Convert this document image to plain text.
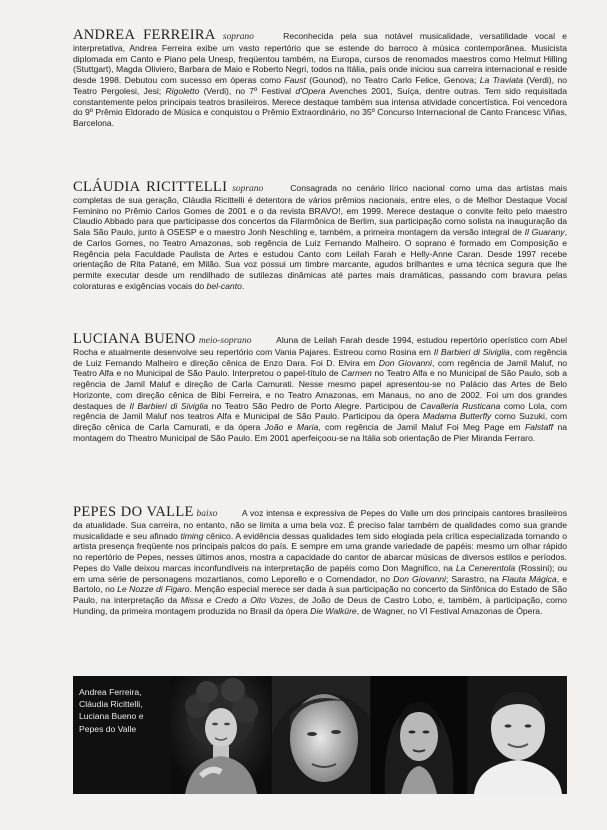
ANDREA FERREIRA soprano	Reconhecida pela sua notável musicalidade, versatilidade vocal e interpretativa, Andrea Ferreira exibe um vasto repertório que se estende do barroco à música contemporânea. Musicista diplomada em Canto e Piano pela Unesp, freqüentou também, na Europa, cursos de renomados maestros como Helmut Hilling (Stuttgart), Magda Oliviero, Barbara de Maio e Roberto Negri, todos na Itália, país onde iniciou sua carreira internacional e reside desde 1998. Debutou com sucesso em óperas como Faust (Gounod), no Teatro Carlo Felice, Genova; La Traviata (Verdi), no Teatro Pergolesi, Jesi; Rigoletto (Verdi), no 7º Festival d'Opera Avenches 2001, Suíça, dentre outras. Tem sido requisitada constantemente pelos principais teatros brasileiros. Merece destaque também sua intensa atividade concertística. Foi vencedora do 9º Prêmio Eldorado de Música e conquistou o Prêmio Extraordinário, no 35º Concurso Internacional de Canto Francesc Viñas, Barcelona.
CLÁUDIA RICITTELLI soprano	Consagrada no cenário lírico nacional como uma das artistas mais completas de sua geração, Cláudia Ricittelli é detentora de vários prêmios nacionais, entre eles, o de Melhor Destaque Vocal Feminino no Prêmio Carlos Gomes de 2001 e o da revista BRAVO!, em 1999. Merece destaque o convite feito pelo maestro Claudio Abbado para que participasse dos concertos da Filarmônica de Berlim, sua participação como solista na inauguração da Sala São Paulo, junto à OSESP e o maestro Jonh Neschling e, também, a primeira montagem da versão integral de Il Guarany, de Carlos Gomes, no Teatro Amazonas, sob regência de Luiz Fernando Malheiro. O soprano é formado em Composição e Regência pela Faculdade Paulista de Artes e estudou Canto com Leilah Farah e Helly-Anne Caran. Desde 1997 recebe orientação de Rita Patané, em Milão. Sua voz possui um timbre marcante, agudos brilhantes e uma técnica segura que lhe permite executar desde um rendilhado de sutilezas dinâmicas até partes mais dramáticas, passando com bravura pelas coloraturas e exigências vocais do bel-canto.
LUCIANA BUENO meio-soprano	Aluna de Leilah Farah desde 1994, estudou repertório operístico com Abel Rocha e atualmente desenvolve seu repertório com Vania Pajares. Estreou como Rosina em Il Barbieri di Siviglia, com regência de Luiz Fernando Malheiro e direção cênica de Enzo Dara. Foi D. Elvira em Don Giovanni, com regência de Jamil Maluf, no Teatro Alfa e no Municipal de São Paulo. Interpretou o papel-título de Carmen no Teatro Alfa e no Municipal de São Paulo, sob a regência de Jamil Maluf e direção de Carla Camurati. Nesse mesmo papel apresentou-se no Palácio das Artes de Belo Horizonte, com direção cênica de Bibi Ferreira, e no Teatro Amazonas, em Manaus, no ano de 2002. Foi um dos grandes destaques de Il Barbieri di Siviglia no Teatro São Pedro de Porto Alegre. Participou de Cavalleria Rusticana como Lola, com regência de Jamil Maluf nos teatros Alfa e Municipal de São Paulo. Participou da ópera Madama Butterfly como Suzuki, com direção cênica de Carla Camurati, e da ópera João e Maria, com regência de Jamil Maluf Foi Meg Page em Falstaff na montagem do Theatro Municipal de São Paulo. Em 2001 aperfeiçoou-se na Itália sob orientação de Pier Miranda Ferraro.
PEPES DO VALLE baixo	A voz intensa e expressiva de Pepes do Valle um dos principais cantores brasileiros da atualidade. Sua carreira, no entanto, não se limita a uma bela voz. É preciso falar também de qualidades como sua grande musicalidade e seu afinado timing cênico. A evidência dessas qualidades tem sido elogiada pela crítica especializada tornando o artista presença freqüente nos principais palcos do país. E sempre em uma grande variedade de papéis: mesmo um olhar rápido no repertório de Pepes, nesses últimos anos, mostra a capacidade do cantor de abarcar músicas de diversos estilos e períodos. Pepes do Valle deixou marcas inconfundíveis na interpretação de papéis como Don Magnifico, na La Cenerentola (Rossini); ou em uma série de personagens mozartianos, como Leporello e o Comendador, no Don Giovanni; Sarastro, na Flauta Mágica, e Bartolo, no Le Nozze di Figaro. Menção especial merece ser dada à sua participação no concerto da Sinfônica do Estado de São Paulo, na interpretação da Missa e Credo a Oito Vozes, de João de Deus de Castro Lobo, e, também, à participação, como Hunding, da primeira montagem produzida no Brasil da ópera Die Walküre, de Wagner, no VI Festival Amazonas de Ópera.
Andrea Ferreira,
Cláudia Ricittelli,
Luciana Bueno e
Pepes do Valle
